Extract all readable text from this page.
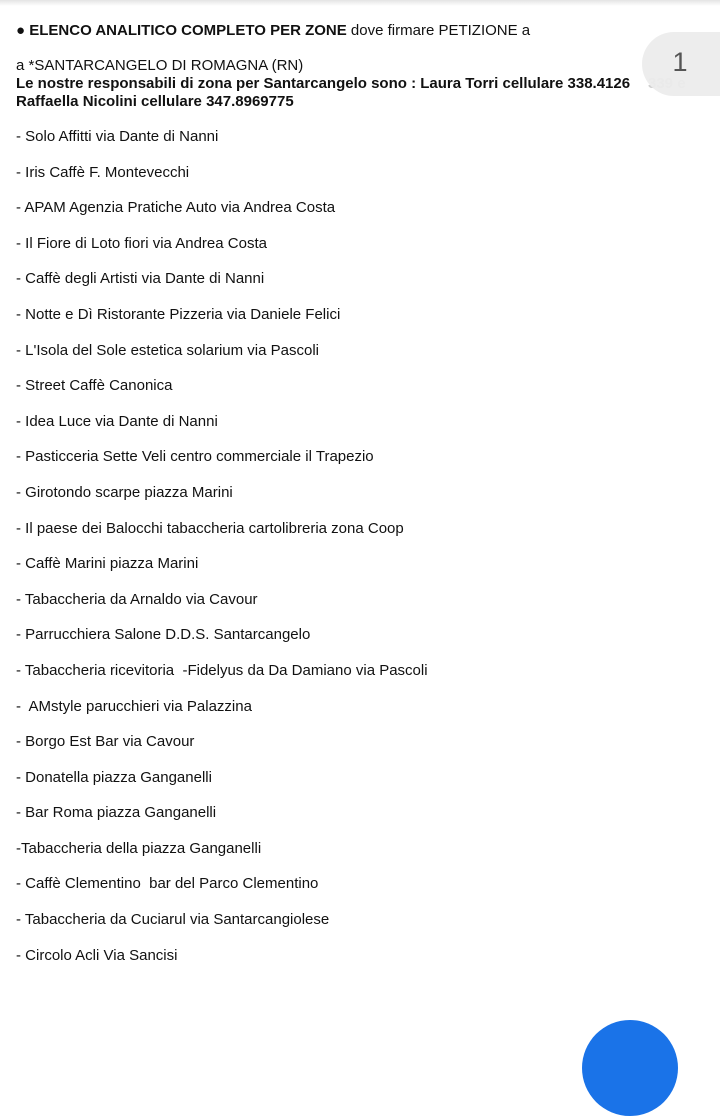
● ELENCO ANALITICO COMPLETO PER ZONE dove firmare PETIZIONE a
a *SANTARCANGELO DI ROMAGNA (RN)
Le nostre responsabili di zona per Santarcangelo sono : Laura Torri cellulare 338.4126
Raffaella Nicolini cellulare 347.8969775
1
- Solo Affitti via Dante di Nanni
- Iris Caffè F. Montevecchi
- APAM Agenzia Pratiche Auto via Andrea Costa
- Il Fiore di Loto fiori via Andrea Costa
- Caffè degli Artisti via Dante di Nanni
- Notte e Dì Ristorante Pizzeria via Daniele Felici
- L'Isola del Sole estetica solarium via Pascoli
- Street Caffè Canonica
- Idea Luce via Dante di Nanni
- Pasticceria Sette Veli centro commerciale il Trapezio
- Girotondo scarpe piazza Marini
- Il paese dei Balocchi tabaccheria cartolibreria zona Coop
- Caffè Marini piazza Marini
- Tabaccheria da Arnaldo via Cavour
- Parrucchiera Salone D.D.S. Santarcangelo
- Tabaccheria ricevitoria  -Fidelyus da Da Damiano via Pascoli
-  AMstyle parucchieri via Palazzina
- Borgo Est Bar via Cavour
- Donatella piazza Ganganelli
- Bar Roma piazza Ganganelli
-Tabaccheria della piazza Ganganelli
- Caffè Clementino  bar del Parco Clementino
- Tabaccheria da Cuciarul via Santarcangiolese
- Circolo Acli Via Sancisi
